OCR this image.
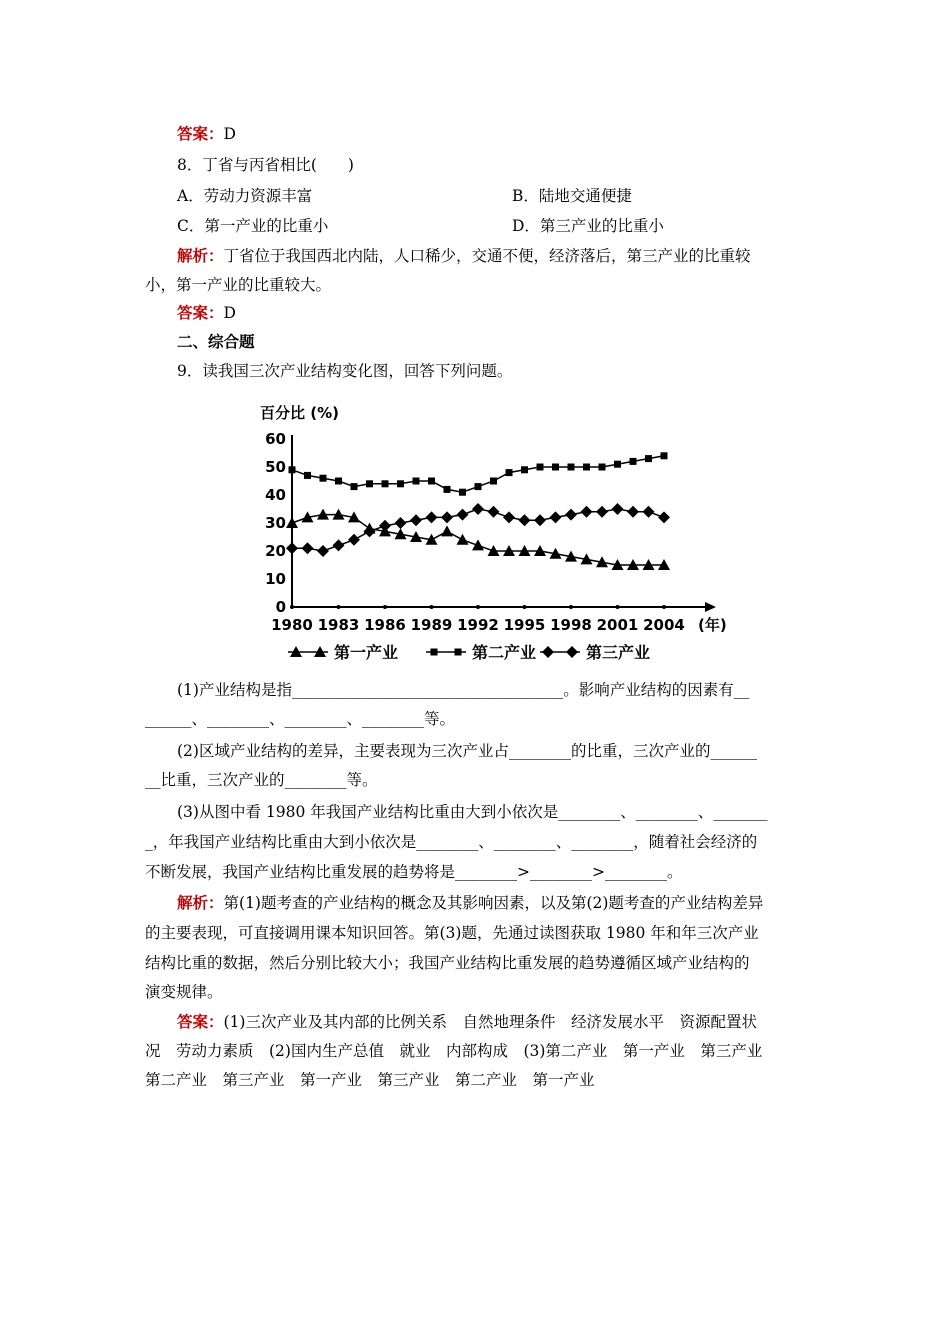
答案：D
8．丁省与丙省相比(　　)
A．劳动力资源丰富	B．陆地交通便捷
C．第一产业的比重小	D．第三产业的比重小
解析：丁省位于我国西北内陆，人口稀少，交通不便，经济落后，第三产业的比重较
小，第一产业的比重较大。
答案：D
二、综合题
9．读我国三次产业结构变化图，回答下列问题。
百分比 (%)
0
10
20
30
40
50
60
1980 1983 1986 1989 1992 1995 1998 2001 2004 (年)
第一产业	第二产业	第三产业
(1)产业结构是指___________________________________。影响产业结构的因素有__
______、________、________、________等。
(2)区域产业结构的差异，主要表现为三次产业占________的比重，三次产业的______
__比重，三次产业的________等。
(3)从图中看 1980 年我国产业结构比重由大到小依次是________、________、_______
_，年我国产业结构比重由大到小依次是________、________、________，随着社会经济的
不断发展，我国产业结构比重发展的趋势将是________>________>________。
解析：第(1)题考查的产业结构的概念及其影响因素，以及第(2)题考查的产业结构差异
的主要表现，可直接调用课本知识回答。第(3)题，先通过读图获取 1980 年和年三次产业
结构比重的数据，然后分别比较大小；我国产业结构比重发展的趋势遵循区域产业结构的
演变规律。
答案：(1)三次产业及其内部的比例关系　自然地理条件　经济发展水平　资源配置状
况　劳动力素质　(2)国内生产总值　就业　内部构成　(3)第二产业　第一产业　第三产业
第二产业　第三产业　第一产业　第三产业　第二产业　第一产业
